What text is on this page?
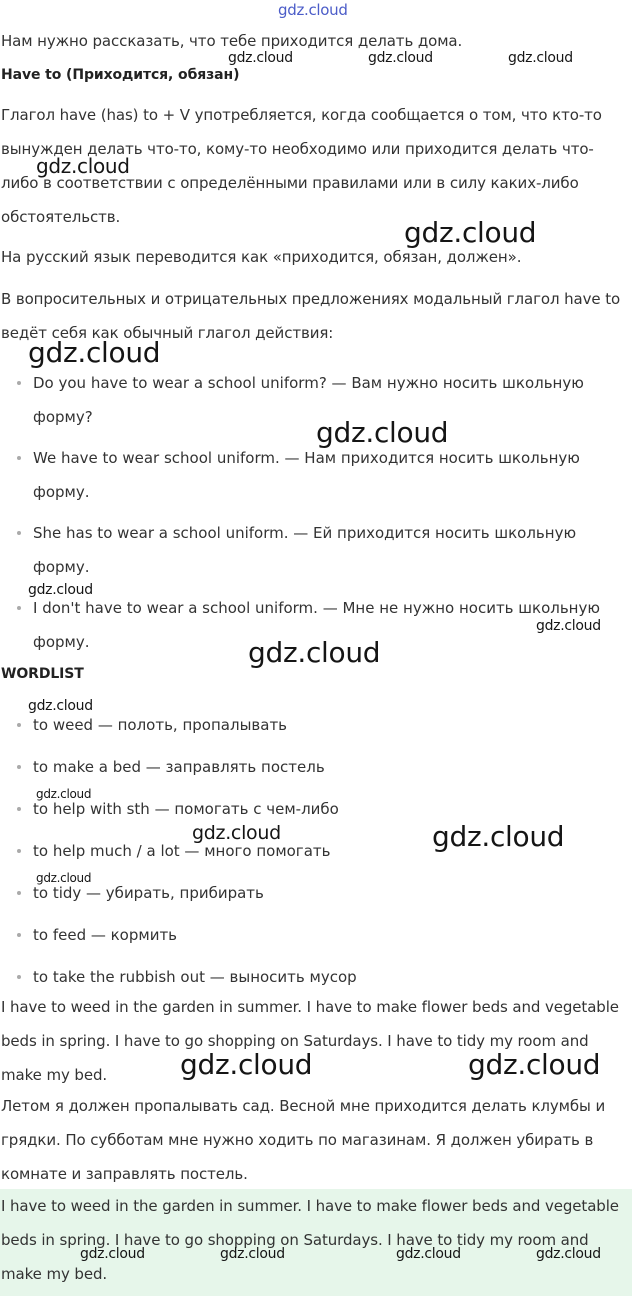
gdz.cloud

Нам нужно рассказать, что тебе приходится делать дома.

Have to (Приходится, обязан)

Глагол have (has) to + V употребляется, когда сообщается о том, что кто-то вынужден делать что-то, кому-то необходимо или приходится делать что-либо в соответствии с определёнными правилами или в силу каких-либо обстоятельств.

На русский язык переводится как «приходится, обязан, должен».

В вопросительных и отрицательных предложениях модальный глагол have to ведёт себя как обычный глагол действия:

Do you have to wear a school uniform? — Вам нужно носить школьную форму?
We have to wear school uniform. — Нам приходится носить школьную форму.
She has to wear a school uniform. — Ей приходится носить школьную форму.
I don't have to wear a school uniform. — Мне не нужно носить школьную форму.

WORDLIST

to weed — полоть, пропалывать
to make a bed — заправлять постель
to help with sth — помогать с чем-либо
to help much / a lot — много помогать
to tidy — убирать, прибирать
to feed — кормить
to take the rubbish out — выносить мусор

I have to weed in the garden in summer. I have to make flower beds and vegetable beds in spring. I have to go shopping on Saturdays. I have to tidy my room and make my bed.

Летом я должен пропалывать сад. Весной мне приходится делать клумбы и грядки. По субботам мне нужно ходить по магазинам. Я должен убирать в комнате и заправлять постель.

I have to weed in the garden in summer. I have to make flower beds and vegetable beds in spring. I have to go shopping on Saturdays. I have to tidy my room and make my bed.

gdz.cloud	gdz.cloud	gdz.cloud
gdz.cloud
gdz.cloud
gdz.cloud
gdz.cloud
gdz.cloud
gdz.cloud
gdz.cloud
gdz.cloud
gdz.cloud
gdz.cloud	gdz.cloud
gdz.cloud
gdz.cloud	gdz.cloud
gdz.cloud	gdz.cloud	gdz.cloud	gdz.cloud
